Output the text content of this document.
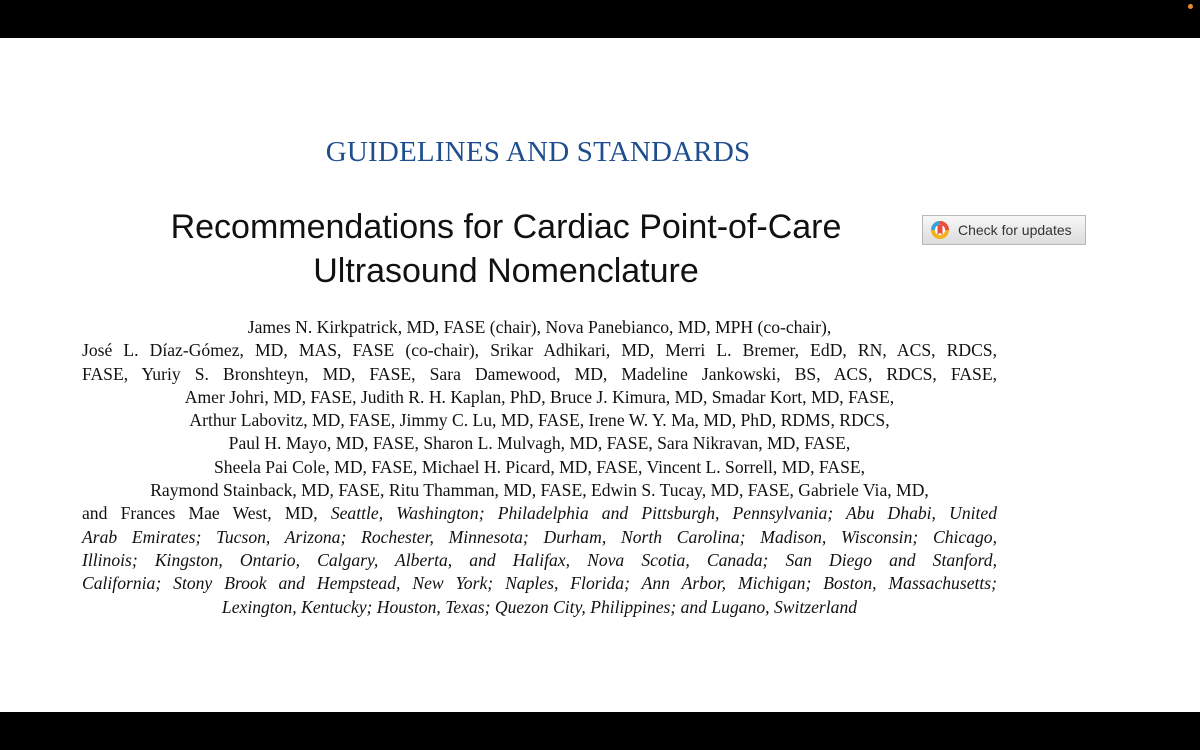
GUIDELINES AND STANDARDS
Recommendations for Cardiac Point-of-Care
Ultrasound Nomenclature
Check for updates
James N. Kirkpatrick, MD, FASE (chair), Nova Panebianco, MD, MPH (co-chair),
José L. Díaz-Gómez, MD, MAS, FASE (co-chair), Srikar Adhikari, MD, Merri L. Bremer, EdD, RN, ACS, RDCS,
FASE, Yuriy S. Bronshteyn, MD, FASE, Sara Damewood, MD, Madeline Jankowski, BS, ACS, RDCS, FASE,
Amer Johri, MD, FASE, Judith R. H. Kaplan, PhD, Bruce J. Kimura, MD, Smadar Kort, MD, FASE,
Arthur Labovitz, MD, FASE, Jimmy C. Lu, MD, FASE, Irene W. Y. Ma, MD, PhD, RDMS, RDCS,
Paul H. Mayo, MD, FASE, Sharon L. Mulvagh, MD, FASE, Sara Nikravan, MD, FASE,
Sheela Pai Cole, MD, FASE, Michael H. Picard, MD, FASE, Vincent L. Sorrell, MD, FASE,
Raymond Stainback, MD, FASE, Ritu Thamman, MD, FASE, Edwin S. Tucay, MD, FASE, Gabriele Via, MD,
and Frances Mae West, MD, Seattle, Washington; Philadelphia and Pittsburgh, Pennsylvania; Abu Dhabi, United
Arab Emirates; Tucson, Arizona; Rochester, Minnesota; Durham, North Carolina; Madison, Wisconsin; Chicago,
Illinois; Kingston, Ontario, Calgary, Alberta, and Halifax, Nova Scotia, Canada; San Diego and Stanford,
California; Stony Brook and Hempstead, New York; Naples, Florida; Ann Arbor, Michigan; Boston, Massachusetts;
Lexington, Kentucky; Houston, Texas; Quezon City, Philippines; and Lugano, Switzerland
